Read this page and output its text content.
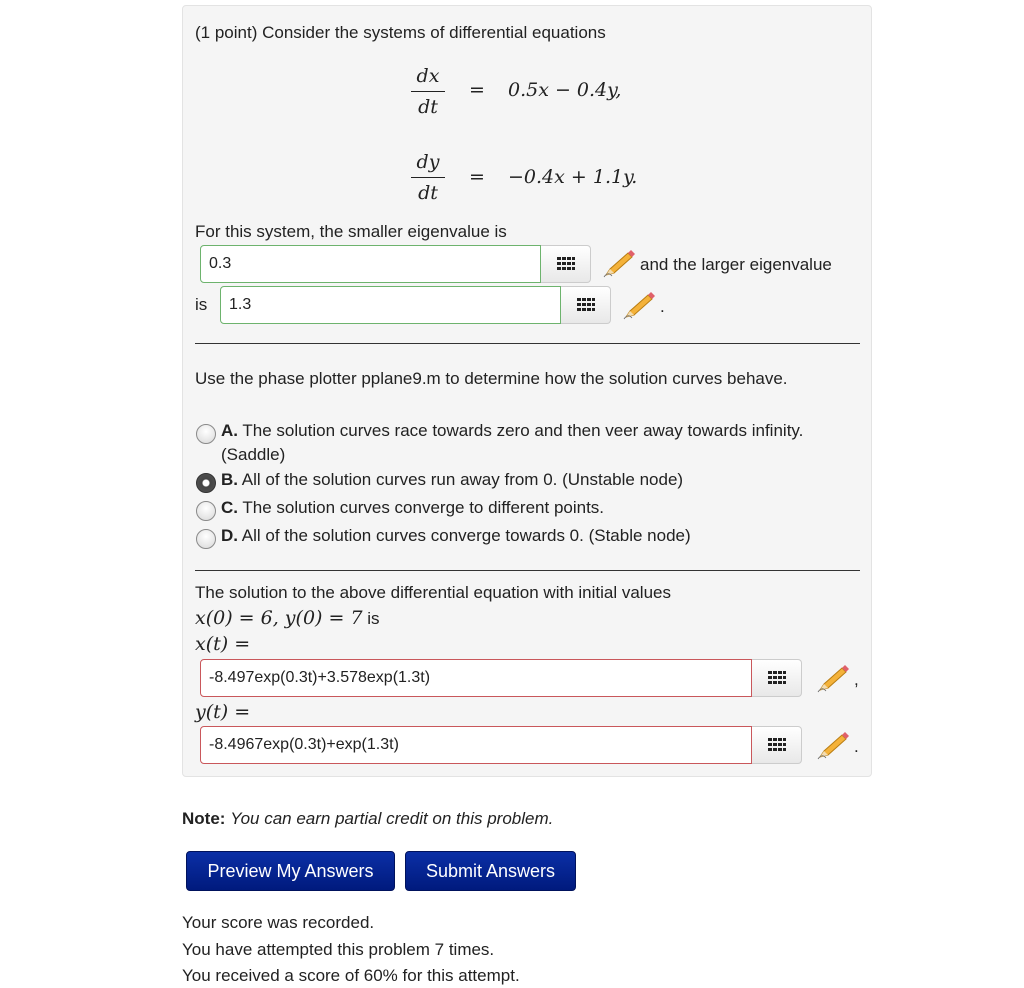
(1 point) Consider the systems of differential equations
dx
dt
= 0.5x − 0.4y,
dy
dt
= −0.4x + 1.1y.
For this system, the smaller eigenvalue is
0.3
and the larger eigenvalue
is
1.3	.
Use the phase plotter pplane9.m to determine how the solution curves behave.
A. The solution curves race towards zero and then veer away towards infinity. (Saddle)
B. All of the solution curves run away from 0. (Unstable node)
C. The solution curves converge to different points.
D. All of the solution curves converge towards 0. (Stable node)
The solution to the above differential equation with initial values
x(0) = 6, y(0) = 7 is
x(t) =
-8.497exp(0.3t)+3.578exp(1.3t)
,
y(t) =
-8.4967exp(0.3t)+exp(1.3t)
.
Note: You can earn partial credit on this problem.
Preview My Answers	Submit Answers
Your score was recorded.
You have attempted this problem 7 times.
You received a score of 60% for this attempt.
